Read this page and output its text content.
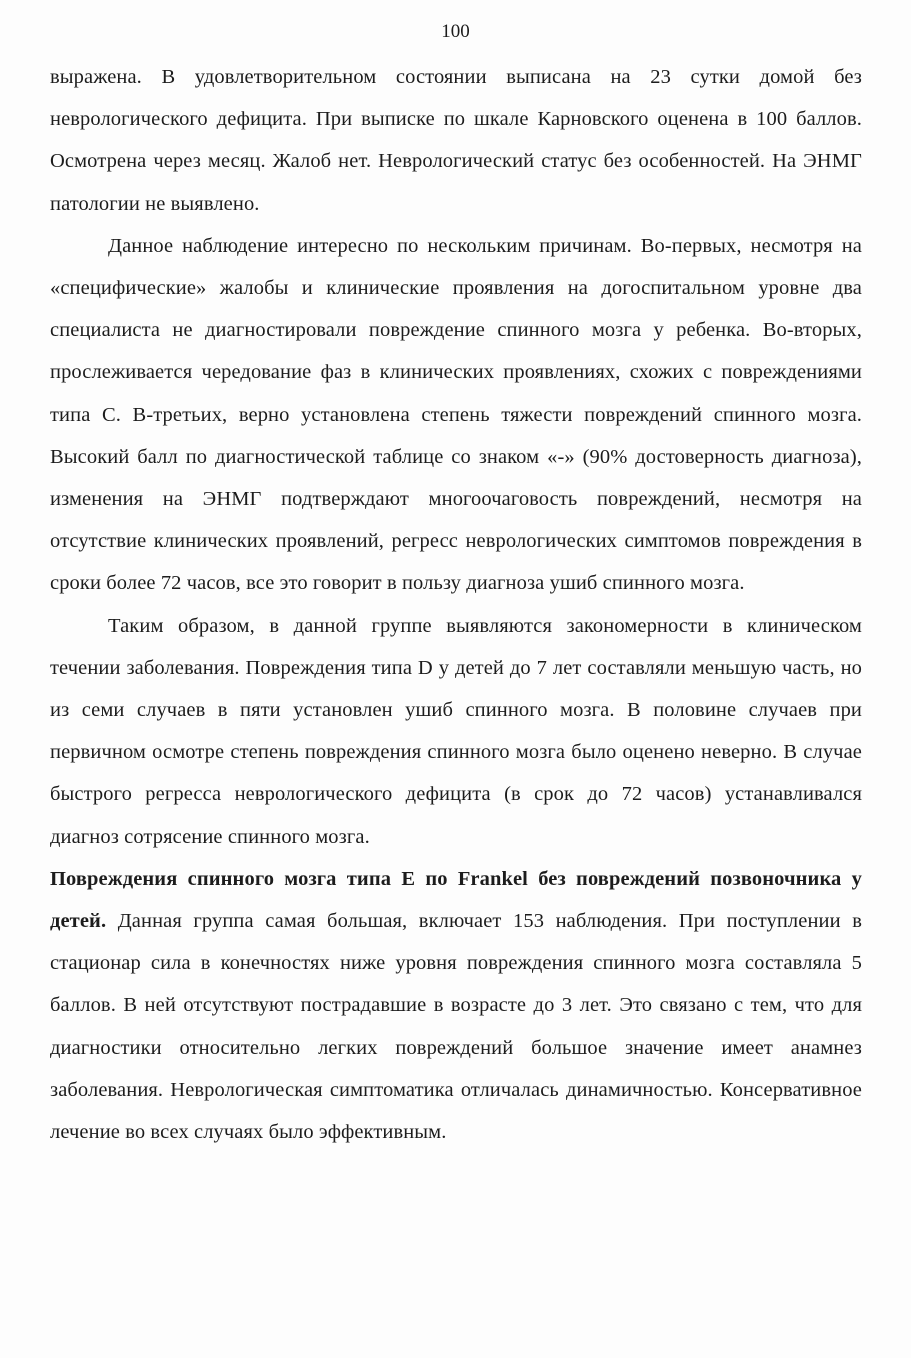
100

выражена. В удовлетворительном состоянии выписана на 23 сутки домой без неврологического дефицита. При выписке по шкале Карновского оценена в 100 баллов. Осмотрена через месяц. Жалоб нет. Неврологический статус без особенностей. На ЭНМГ патологии не выявлено.

Данное наблюдение интересно по нескольким причинам. Во-первых, несмотря на «специфические» жалобы и клинические проявления на догоспитальном уровне два специалиста не диагностировали повреждение спинного мозга у ребенка. Во-вторых, прослеживается чередование фаз в клинических проявлениях, схожих с повреждениями типа С. В-третьих, верно установлена степень тяжести повреждений спинного мозга. Высокий балл по диагностической таблице со знаком «-» (90% достоверность диагноза), изменения на ЭНМГ подтверждают многоочаговость повреждений, несмотря на отсутствие клинических проявлений, регресс неврологических симптомов повреждения в сроки более 72 часов, все это говорит в пользу диагноза ушиб спинного мозга.

Таким образом, в данной группе выявляются закономерности в клиническом течении заболевания. Повреждения типа D у детей до 7 лет составляли меньшую часть, но из семи случаев в пяти установлен ушиб спинного мозга. В половине случаев при первичном осмотре степень повреждения спинного мозга было оценено неверно. В случае быстрого регресса неврологического дефицита (в срок до 72 часов) устанавливался диагноз сотрясение спинного мозга.

Повреждения спинного мозга типа E по Frankel без повреждений позвоночника у детей. Данная группа самая большая, включает 153 наблюдения. При поступлении в стационар сила в конечностях ниже уровня повреждения спинного мозга составляла 5 баллов. В ней отсутствуют пострадавшие в возрасте до 3 лет. Это связано с тем, что для диагностики относительно легких повреждений большое значение имеет анамнез заболевания. Неврологическая симптоматика отличалась динамичностью. Консервативное лечение во всех случаях было эффективным.
